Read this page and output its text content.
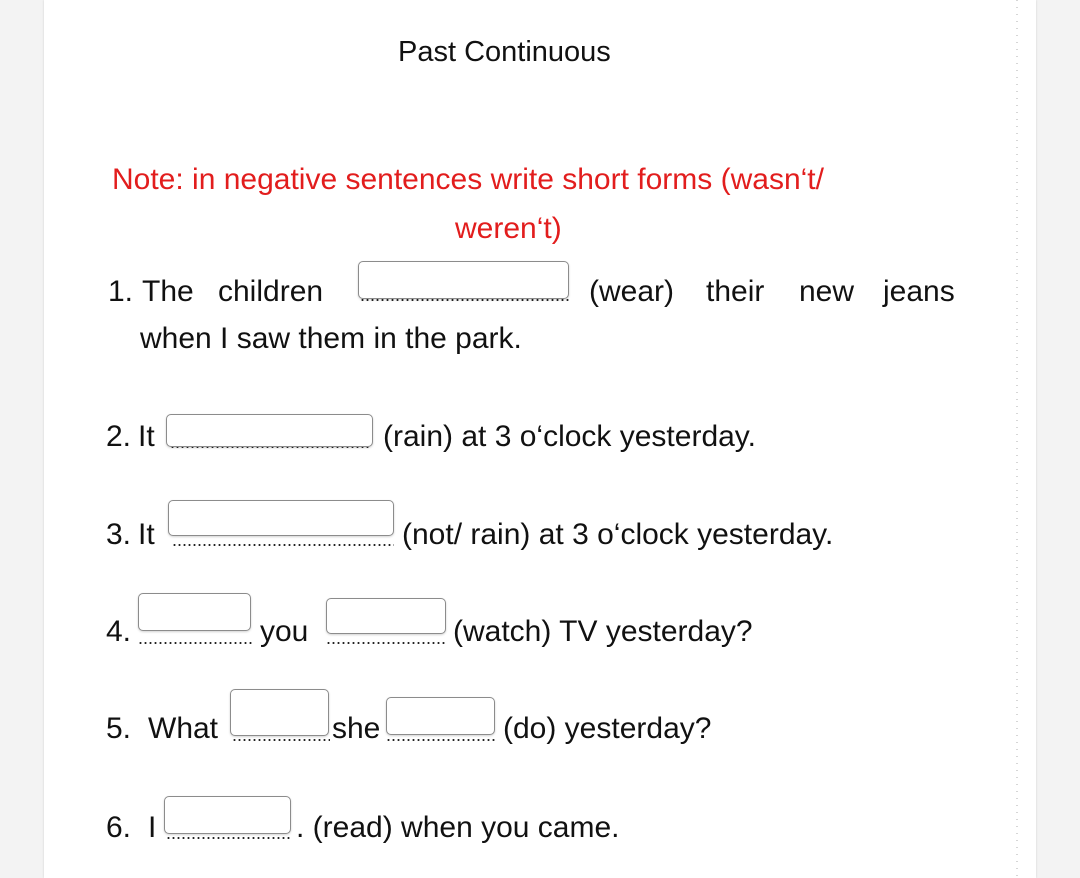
Past Continuous
Note: in negative sentences write short forms (wasn‘t/
weren‘t)
1. The children	(wear) their new jeans
when I saw them in the park.
2. It	(rain) at 3 o‘clock yesterday.
3. It	(not/ rain) at 3 o‘clock yesterday.
4.	you	(watch) TV yesterday?
5. What	she	(do) yesterday?
6. I	. (read) when you came.
